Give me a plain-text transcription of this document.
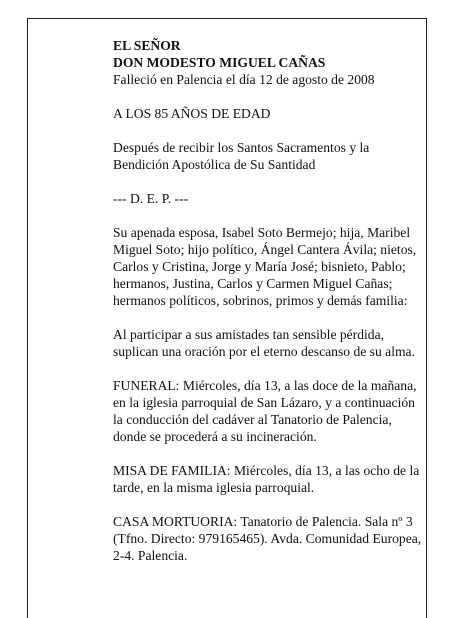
EL SEÑOR

DON MODESTO MIGUEL CAÑAS

Falleció en Palencia el día 12 de agosto de 2008

A LOS 85 AÑOS DE EDAD

Después de recibir los Santos Sacramentos y la Bendición Apostólica de Su Santidad

--- D. E. P. ---

Su apenada esposa, Isabel Soto Bermejo; hija, Maribel Miguel Soto; hijo político, Ángel Cantera Ávila; nietos, Carlos y Cristina, Jorge y María José; bisnieto, Pablo; hermanos, Justina, Carlos y Carmen Miguel Cañas; hermanos políticos, sobrinos, primos y demás familia:

Al participar a sus amistades tan sensible pérdida, suplican una oración por el eterno descanso de su alma.

FUNERAL: Miércoles, día 13, a las doce de la mañana, en la iglesia parroquial de San Lázaro, y a continuación la conducción del cadáver al Tanatorio de Palencia, donde se procederá a su incineración.

MISA DE FAMILIA: Miércoles, día 13, a las ocho de la tarde, en la misma iglesia parroquial.

CASA MORTUORIA: Tanatorio de Palencia. Sala nº 3 (Tfno. Directo: 979165465). Avda. Comunidad Europea, 2-4. Palencia.
